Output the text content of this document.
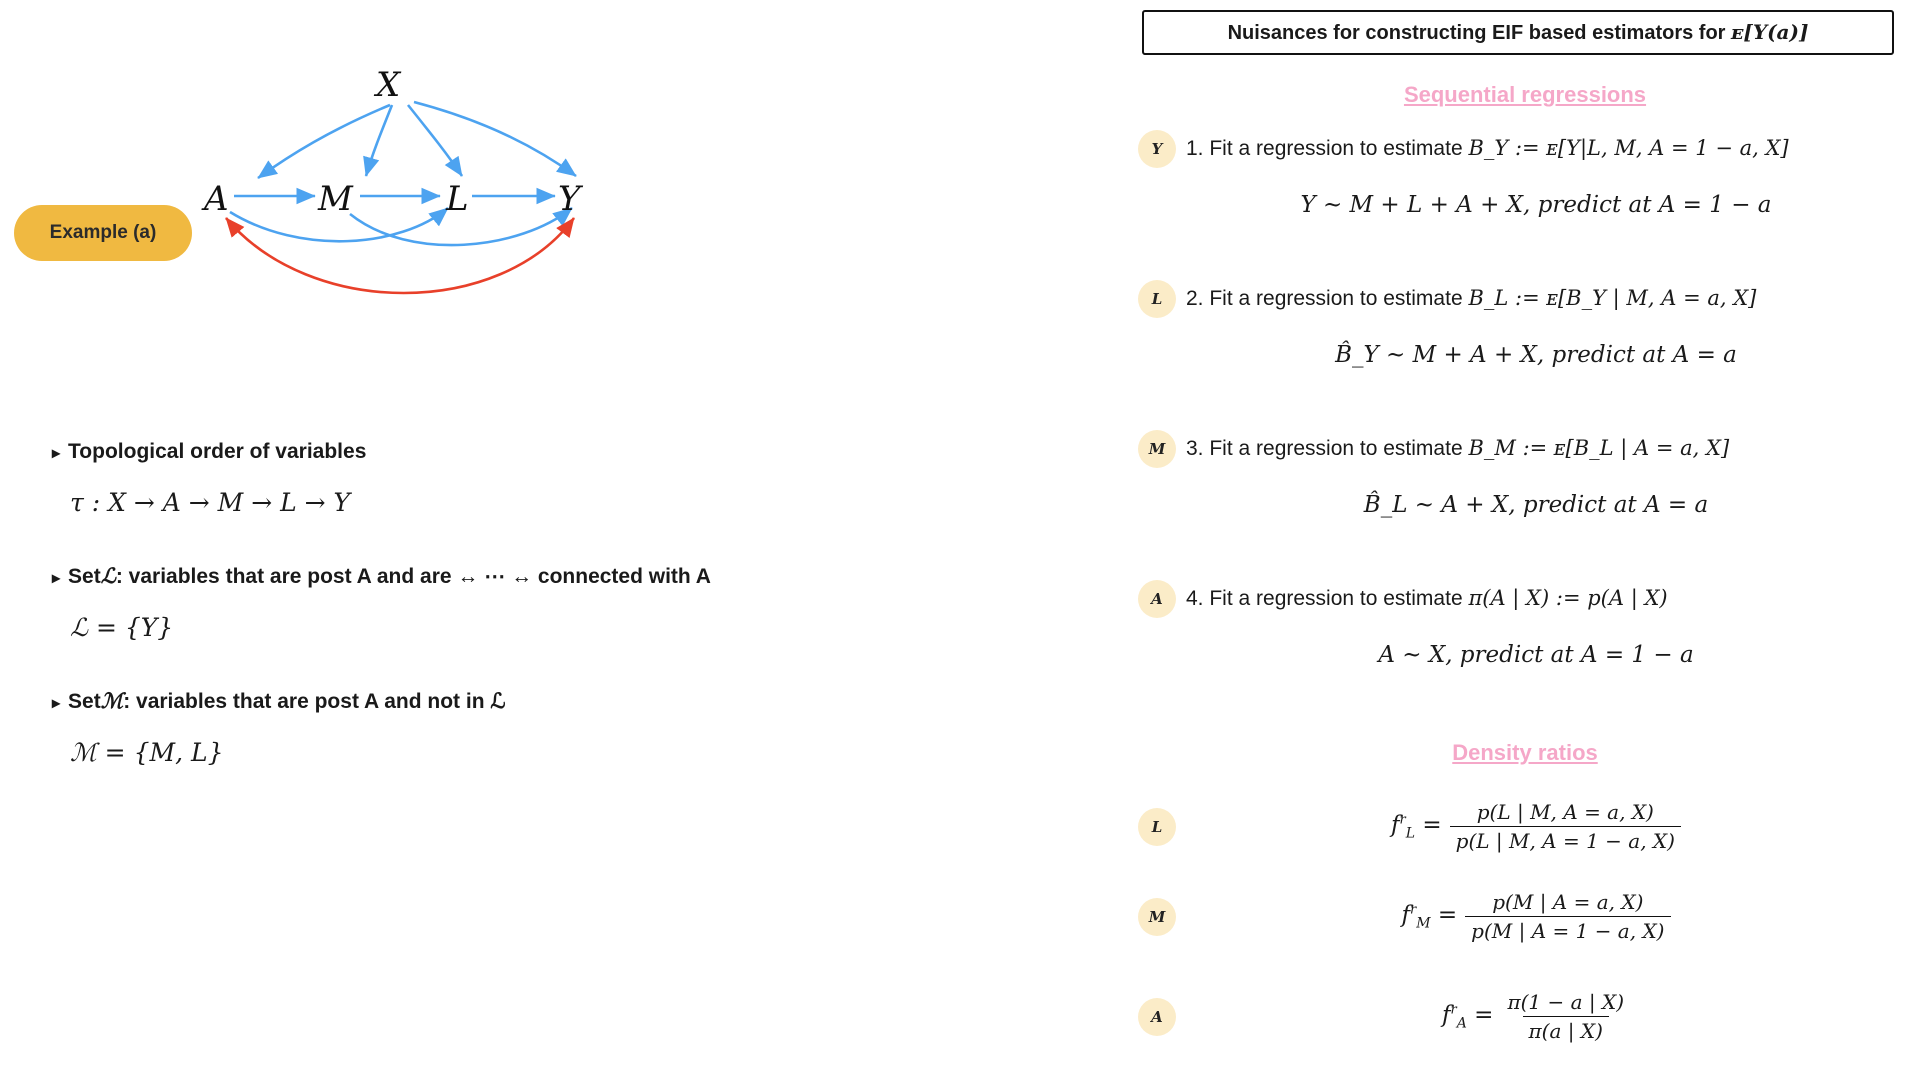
Example (a)
X
A	M	L	Y
▸ Topological order of variables
τ : X → A → M → L → Y
▸ Set ℒ : variables that are post A and are ↔ ⋯ ↔ connected with A
ℒ = {Y}
▸ Set ℳ : variables that are post A and not in ℒ
ℳ = {M, L}
Nuisances for constructing EIF based estimators for ᴇ[Y(a)]
Sequential regressions
Y	1. Fit a regression to estimate B_Y := ᴇ[Y|L, M, A = 1 − a, X]
Y ~ M + L + A + X, predict at A = 1 − a
L	2. Fit a regression to estimate B_L := ᴇ[B_Y | M, A = a, X]
B̂_Y ~ M + A + X, predict at A = a
M 3. Fit a regression to estimate B_M := ᴇ[B_L | A = a, X]
B̂_L ~ A + X, predict at A = a
A	4. Fit a regression to estimate π(A | X) := p(A | X)
A ~ X, predict at A = 1 − a
Density ratios
L	$f^r_L = \frac{p(L | M, A = a, X)}{p(L | M, A = 1 - a, X)}$
M	$f^r_M = \frac{p(M | A = a, X)}{p(M | A = 1 - a, X)}$
A	$f^r_A = \frac{\pi(1 - a | X)}{\pi(a | X)}$
